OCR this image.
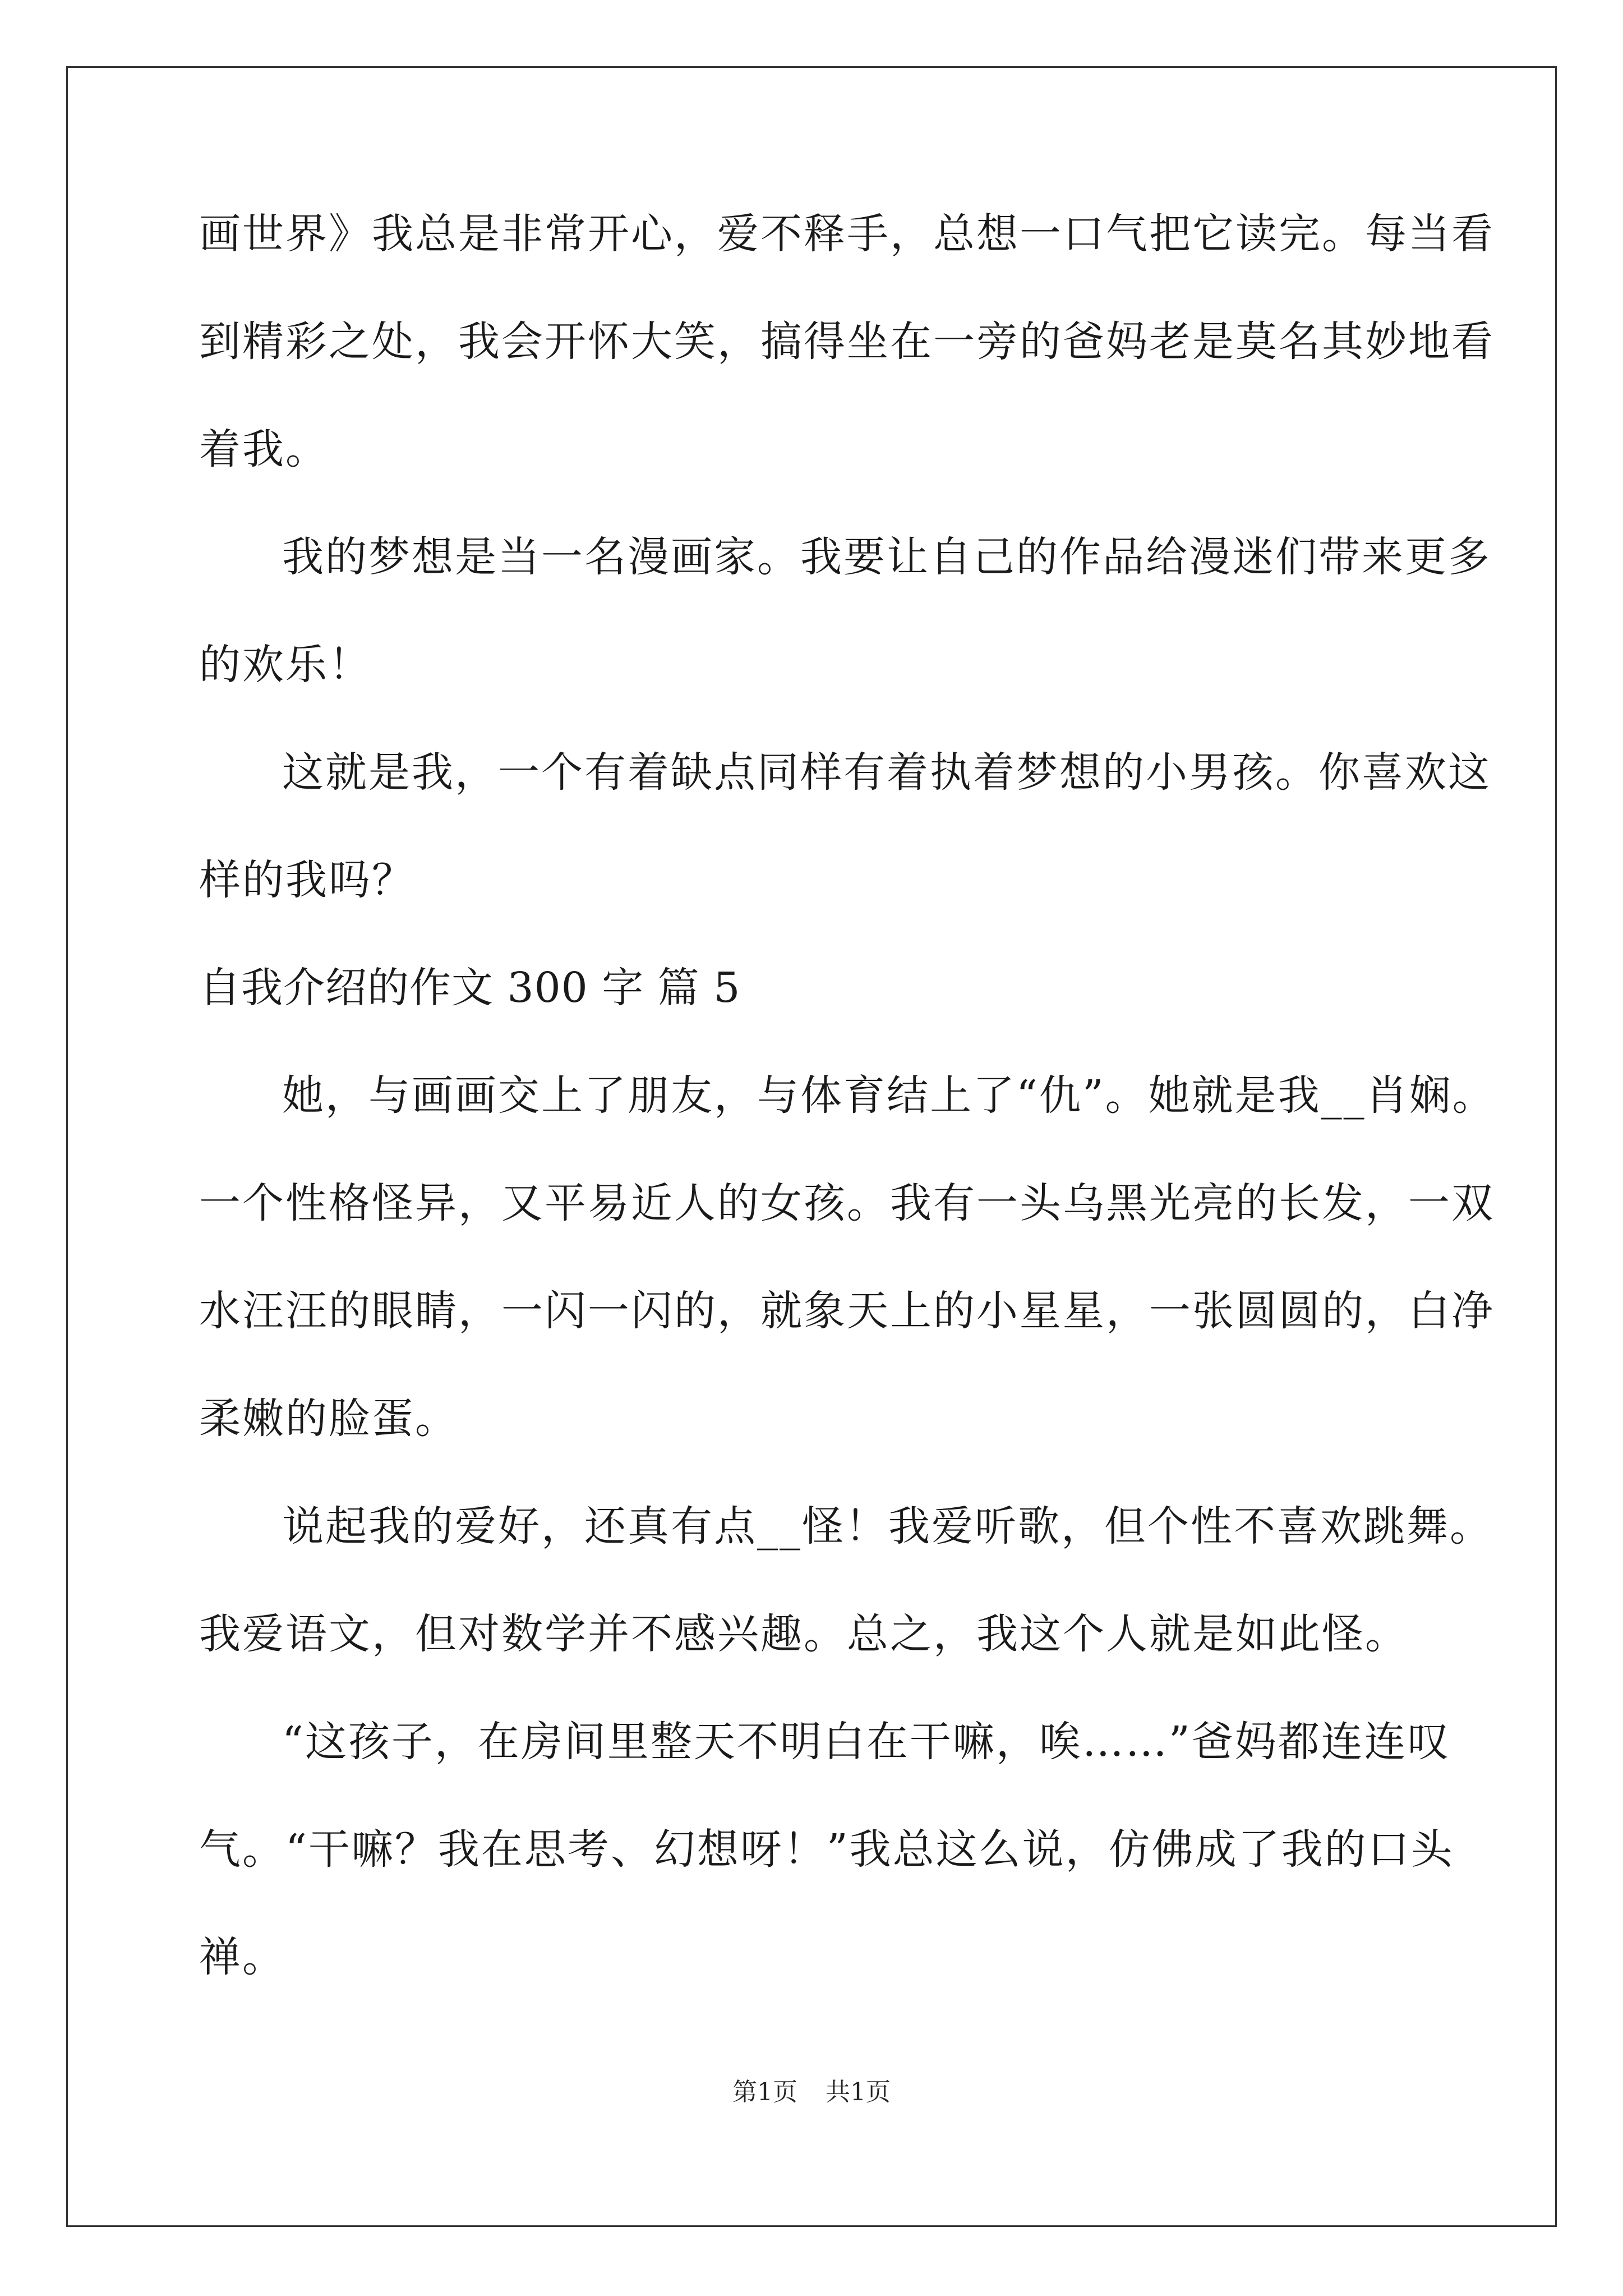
画世界》我总是非常开心，爱不释手，总想一口气把它读完。每当看
到精彩之处，我会开怀大笑，搞得坐在一旁的爸妈老是莫名其妙地看
着我。
我的梦想是当一名漫画家。我要让自己的作品给漫迷们带来更多
的欢乐！
这就是我，一个有着缺点同样有着执着梦想的小男孩。你喜欢这
样的我吗？
自我介绍的作文 300 字 篇 5
她，与画画交上了朋友，与体育结上了“仇”。她就是我__肖娴。
一个性格怪异，又平易近人的女孩。我有一头乌黑光亮的长发，一双
水汪汪的眼睛，一闪一闪的，就象天上的小星星，一张圆圆的，白净
柔嫩的脸蛋。
说起我的爱好，还真有点__怪！我爱听歌，但个性不喜欢跳舞。
我爱语文，但对数学并不感兴趣。总之，我这个人就是如此怪。
“这孩子，在房间里整天不明白在干嘛，唉……”爸妈都连连叹
气。“干嘛？我在思考、幻想呀！”我总这么说，仿佛成了我的口头
禅。
第1页 共1页
